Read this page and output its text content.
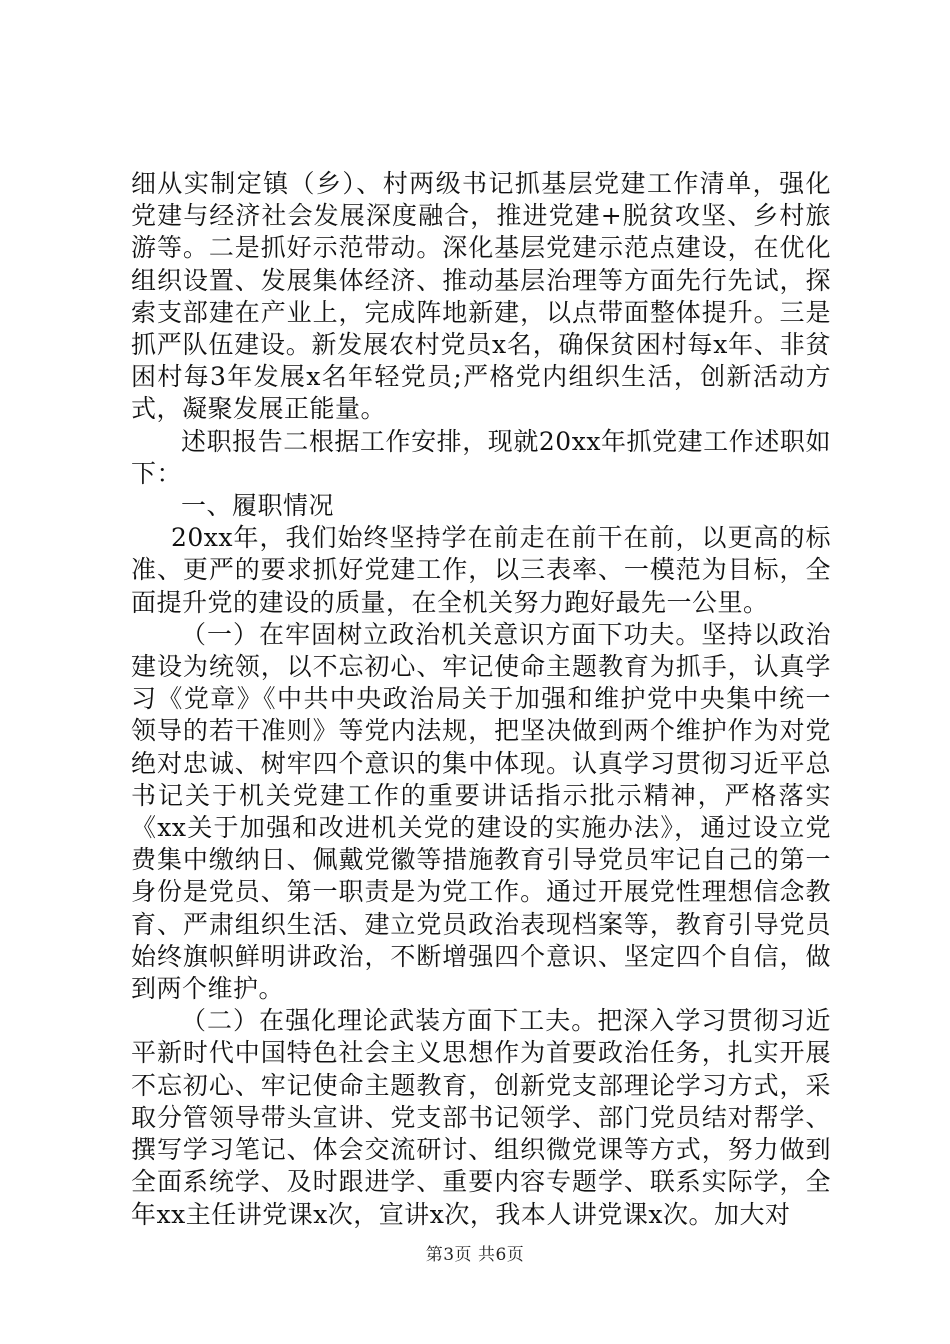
细从实制定镇（乡）、村两级书记抓基层党建工作清单，强化党建与经济社会发展深度融合，推进党建+脱贫攻坚、乡村旅游等。二是抓好示范带动。深化基层党建示范点建设，在优化组织设置、发展集体经济、推动基层治理等方面先行先试，探索支部建在产业上，完成阵地新建，以点带面整体提升。三是抓严队伍建设。新发展农村党员x名，确保贫困村每x年、非贫困村每3年发展x名年轻党员;严格党内组织生活，创新活动方式，凝聚发展正能量。

述职报告二根据工作安排，现就20xx年抓党建工作述职如下：

一、履职情况

20xx年，我们始终坚持学在前走在前干在前，以更高的标准、更严的要求抓好党建工作，以三表率、一模范为目标，全面提升党的建设的质量，在全机关努力跑好最先一公里。

（一）在牢固树立政治机关意识方面下功夫。坚持以政治建设为统领，以不忘初心、牢记使命主题教育为抓手，认真学习《党章》《中共中央政治局关于加强和维护党中央集中统一领导的若干准则》等党内法规，把坚决做到两个维护作为对党绝对忠诚、树牢四个意识的集中体现。认真学习贯彻习近平总书记关于机关党建工作的重要讲话指示批示精神，严格落实《xx关于加强和改进机关党的建设的实施办法》，通过设立党费集中缴纳日、佩戴党徽等措施教育引导党员牢记自己的第一身份是党员、第一职责是为党工作。通过开展党性理想信念教育、严肃组织生活、建立党员政治表现档案等，教育引导党员始终旗帜鲜明讲政治，不断增强四个意识、坚定四个自信，做到两个维护。

（二）在强化理论武装方面下工夫。把深入学习贯彻习近平新时代中国特色社会主义思想作为首要政治任务，扎实开展不忘初心、牢记使命主题教育，创新党支部理论学习方式，采取分管领导带头宣讲、党支部书记领学、部门党员结对帮学、撰写学习笔记、体会交流研讨、组织微党课等方式，努力做到全面系统学、及时跟进学、重要内容专题学、联系实际学，全年xx主任讲党课x次，宣讲x次，我本人讲党课x次。加大对

第3页 共6页
